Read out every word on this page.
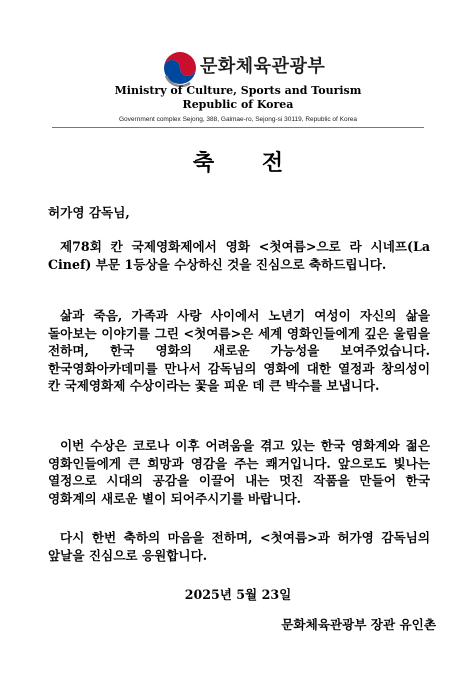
문화체육관광부
Ministry of Culture, Sports and Tourism
Republic of Korea
Government complex Sejong, 388, Galmae-ro, Sejong-si 30119, Republic of Korea
축 전
허가영 감독님,
제78회 칸 국제영화제에서 영화 <첫여름>으로 라 시네프(La Cinef) 부문 1등상을 수상하신 것을 진심으로 축하드립니다.
삶과 죽음, 가족과 사랑 사이에서 노년기 여성이 자신의 삶을 돌아보는 이야기를 그린 <첫여름>은 세계 영화인들에게 깊은 울림을 전하며, 한국 영화의 새로운 가능성을 보여주었습니다. 한국영화아카데미를 만나서 감독님의 영화에 대한 열정과 창의성이 칸 국제영화제 수상이라는 꽃을 피운 데 큰 박수를 보냅니다.
이번 수상은 코로나 이후 어려움을 겪고 있는 한국 영화계와 젊은 영화인들에게 큰 희망과 영감을 주는 쾌거입니다. 앞으로도 빛나는 열정으로 시대의 공감을 이끌어 내는 멋진 작품을 만들어 한국 영화계의 새로운 별이 되어주시기를 바랍니다.
다시 한번 축하의 마음을 전하며, <첫여름>과 허가영 감독님의 앞날을 진심으로 응원합니다.
2025년 5월 23일
문화체육관광부 장관 유인촌
